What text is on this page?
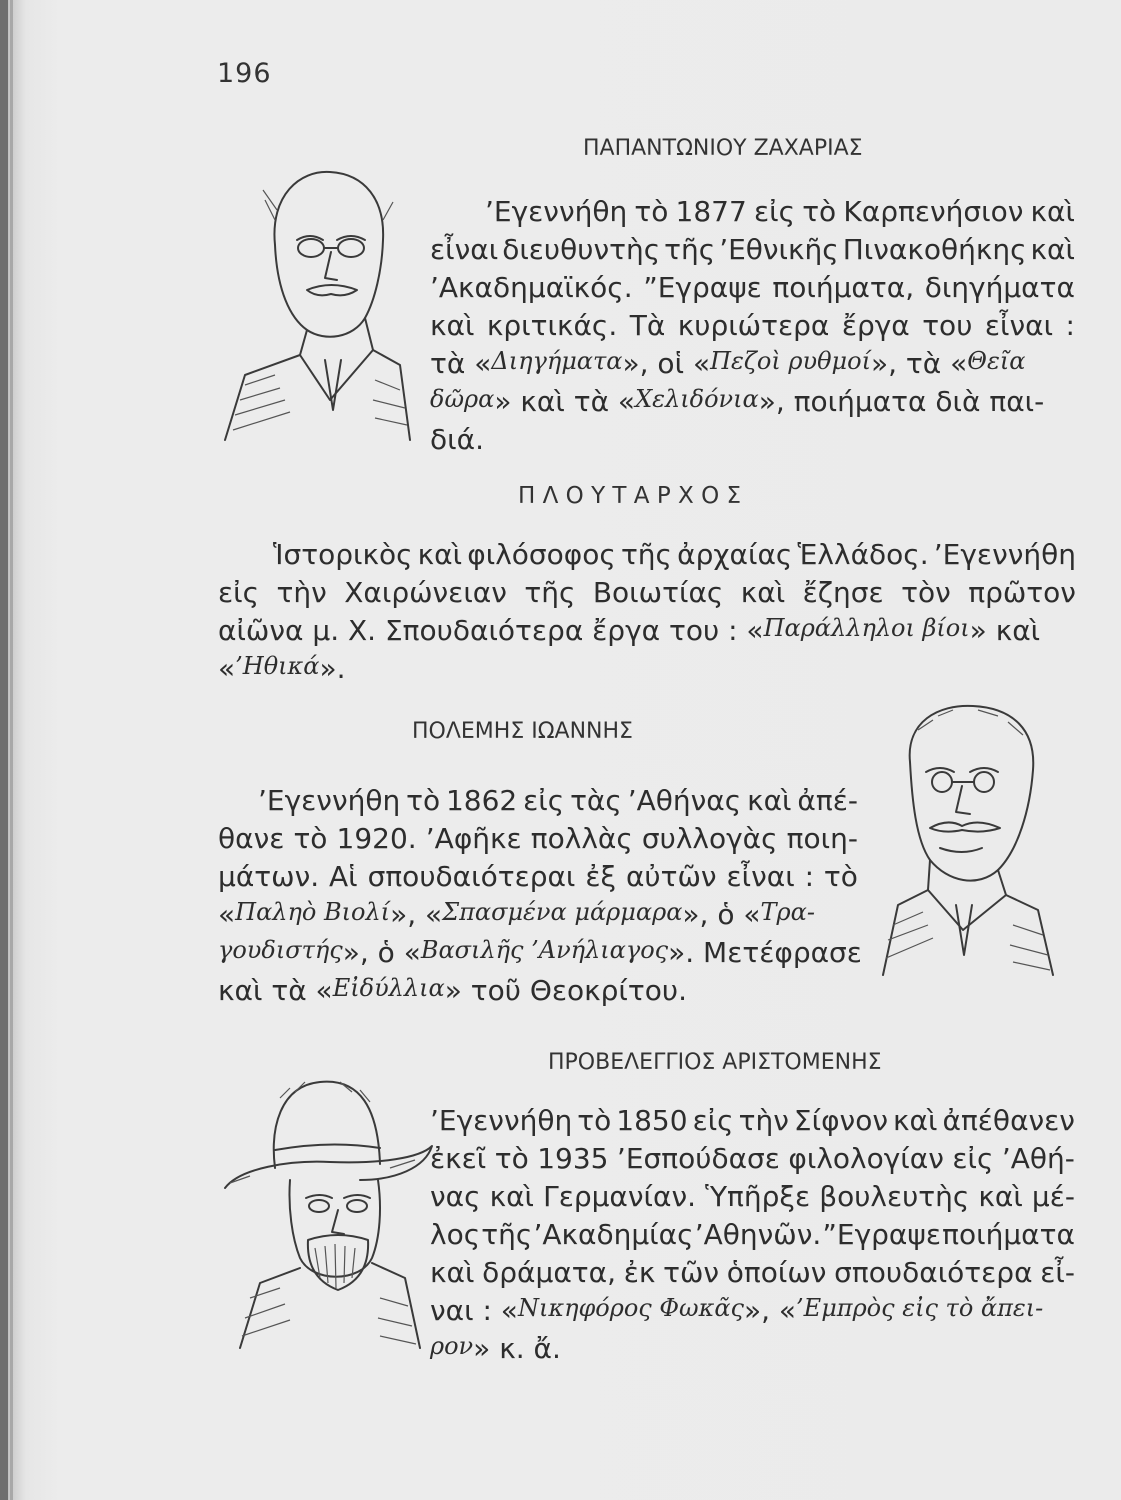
196
ΠΑΠΑΝΤΩΝΙΟΥ ΖΑΧΑΡΙΑΣ
’Εγεννήθη τὸ 1877 εἰς τὸ Καρπενήσιον καὶ
εἶναι διευθυντὴς τῆς ’Εθνικῆς Πινακοθήκης καὶ
’Ακαδημαϊκός. ”Εγραψε ποιήματα, διηγήματα
καὶ κριτικάς. Τὰ κυριώτερα ἔργα του εἶναι :
τὰ « Διηγήματα », οἱ « Πεζοὶ ρυθμοί », τὰ « Θεῖα
δῶρα » καὶ τὰ « Χελιδόνια », ποιήματα διὰ παι-
διά.
Π Λ Ο Υ Τ Α Ρ Χ Ο Σ
Ἱστορικὸς καὶ φιλόσοφος τῆς ἀρχαίας Ἑλλάδος. ’Εγεννήθη
εἰς τὴν Χαιρώνειαν τῆς Βοιωτίας καὶ ἔζησε τὸν πρῶτον
αἰῶνα μ. Χ. Σπουδαιότερα ἔργα του : « Παράλληλοι βίοι » καὶ
« ’Ηθικά ».
ΠΟΛΕΜΗΣ ΙΩΑΝΝΗΣ
’Εγεννήθη τὸ 1862 εἰς τὰς ’Αθήνας καὶ ἀπέ-
θανε τὸ 1920. ’Αφῆκε πολλὰς συλλογὰς ποιη-
μάτων. Αἱ σπουδαιότεραι ἐξ αὐτῶν εἶναι : τὸ
« Παληὸ Βιολί », « Σπασμένα μάρμαρα », ὁ « Τρα-
γουδιστής », ὁ « Βασιλῆς ’Ανήλιαγος ». Μετέφρασε
καὶ τὰ « Εἰδύλλια » τοῦ Θεοκρίτου.
ΠΡΟΒΕΛΕΓΓΙΟΣ ΑΡΙΣΤΟΜΕΝΗΣ
’Εγεννήθη τὸ 1850 εἰς τὴν Σίφνον καὶ ἀπέθανεν
ἐκεῖ τὸ 1935 ’Εσπούδασε φιλολογίαν εἰς ’Αθή-
νας καὶ Γερμανίαν. Ὑπῆρξε βουλευτὴς καὶ μέ-
λος τῆς ’Ακαδημίας ’Αθηνῶν. ”Εγραψε ποιήματα
καὶ δράματα, ἐκ τῶν ὁποίων σπουδαιότερα εἶ-
ναι : « Νικηφόρος Φωκᾶς », « ’Εμπρὸς εἰς τὸ ἄπει-
ρον » κ. ἄ.
